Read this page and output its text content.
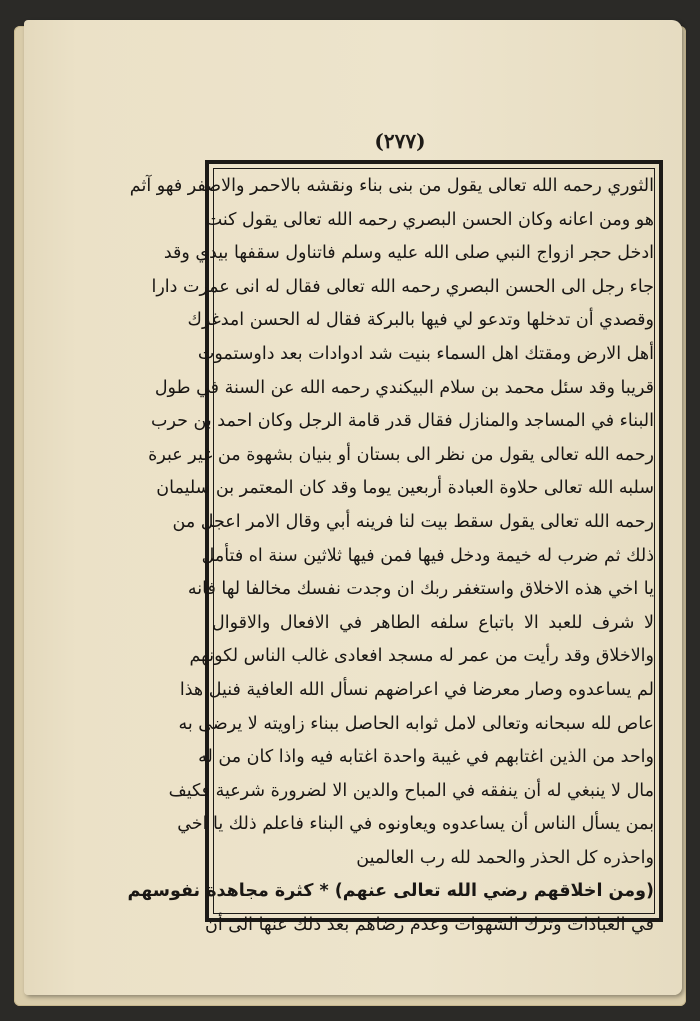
(٢٧٧)
الثوري رحمه الله تعالى يقول من بنى بناء ونقشه بالاحمر والاصفر فهو آثم
هو ومن اعانه وكان الحسن البصري رحمه الله تعالى يقول كنت
ادخل حجر ازواج النبي صلى الله عليه وسلم فاتناول سقفها بيدي وقد
جاء رجل الى الحسن البصري رحمه الله تعالى فقال له انى عمرت دارا
وقصدي أن تدخلها وتدعو لي فيها بالبركة فقال له الحسن امدغرك
أهل الارض ومقتك اهل السماء بنيت شد ادوادات بعد داوستموت
قريبا وقد سئل محمد بن سلام البيكندي رحمه الله عن السنة في طول
البناء في المساجد والمنازل فقال قدر قامة الرجل وكان احمد بن حرب
رحمه الله تعالى يقول من نظر الى بستان أو بنيان بشهوة من غير عبرة
سلبه الله تعالى حلاوة العبادة أربعين يوما وقد كان المعتمر بن سليمان
رحمه الله تعالى يقول سقط بيت لنا فرينه أبي وقال الامر اعجل من
ذلك ثم ضرب له خيمة ودخل فيها فمن فيها ثلاثين سنة اه فتأمل
يا اخي هذه الاخلاق واستغفر ربك ان وجدت نفسك مخالفا لها فانه
لا شرف للعبد الا باتباع سلفه الطاهر في الافعال والاقوال
والاخلاق وقد رأيت من عمر له مسجد افعادى غالب الناس لكونهم
لم يساعدوه وصار معرضا في اعراضهم نسأل الله العافية فنيل هذا
عاص لله سبحانه وتعالى لامل ثوابه الحاصل ببناء زاويته لا يرضى به
واحد من الذين اغتابهم في غيبة واحدة اغتابه فيه واذا كان من له
مال لا ينبغي له أن ينفقه في المباح والدين الا لضرورة شرعية فكيف
بمن يسأل الناس أن يساعدوه ويعاونوه في البناء فاعلم ذلك يا اخي
واحذره كل الحذر والحمد لله رب العالمين
(ومن اخلاقهم رضي الله تعالى عنهم) * كثرة مجاهدة نفوسهم
في العبادات وترك الشهوات وعدم رضاهم بعد ذلك عنها الى أن
